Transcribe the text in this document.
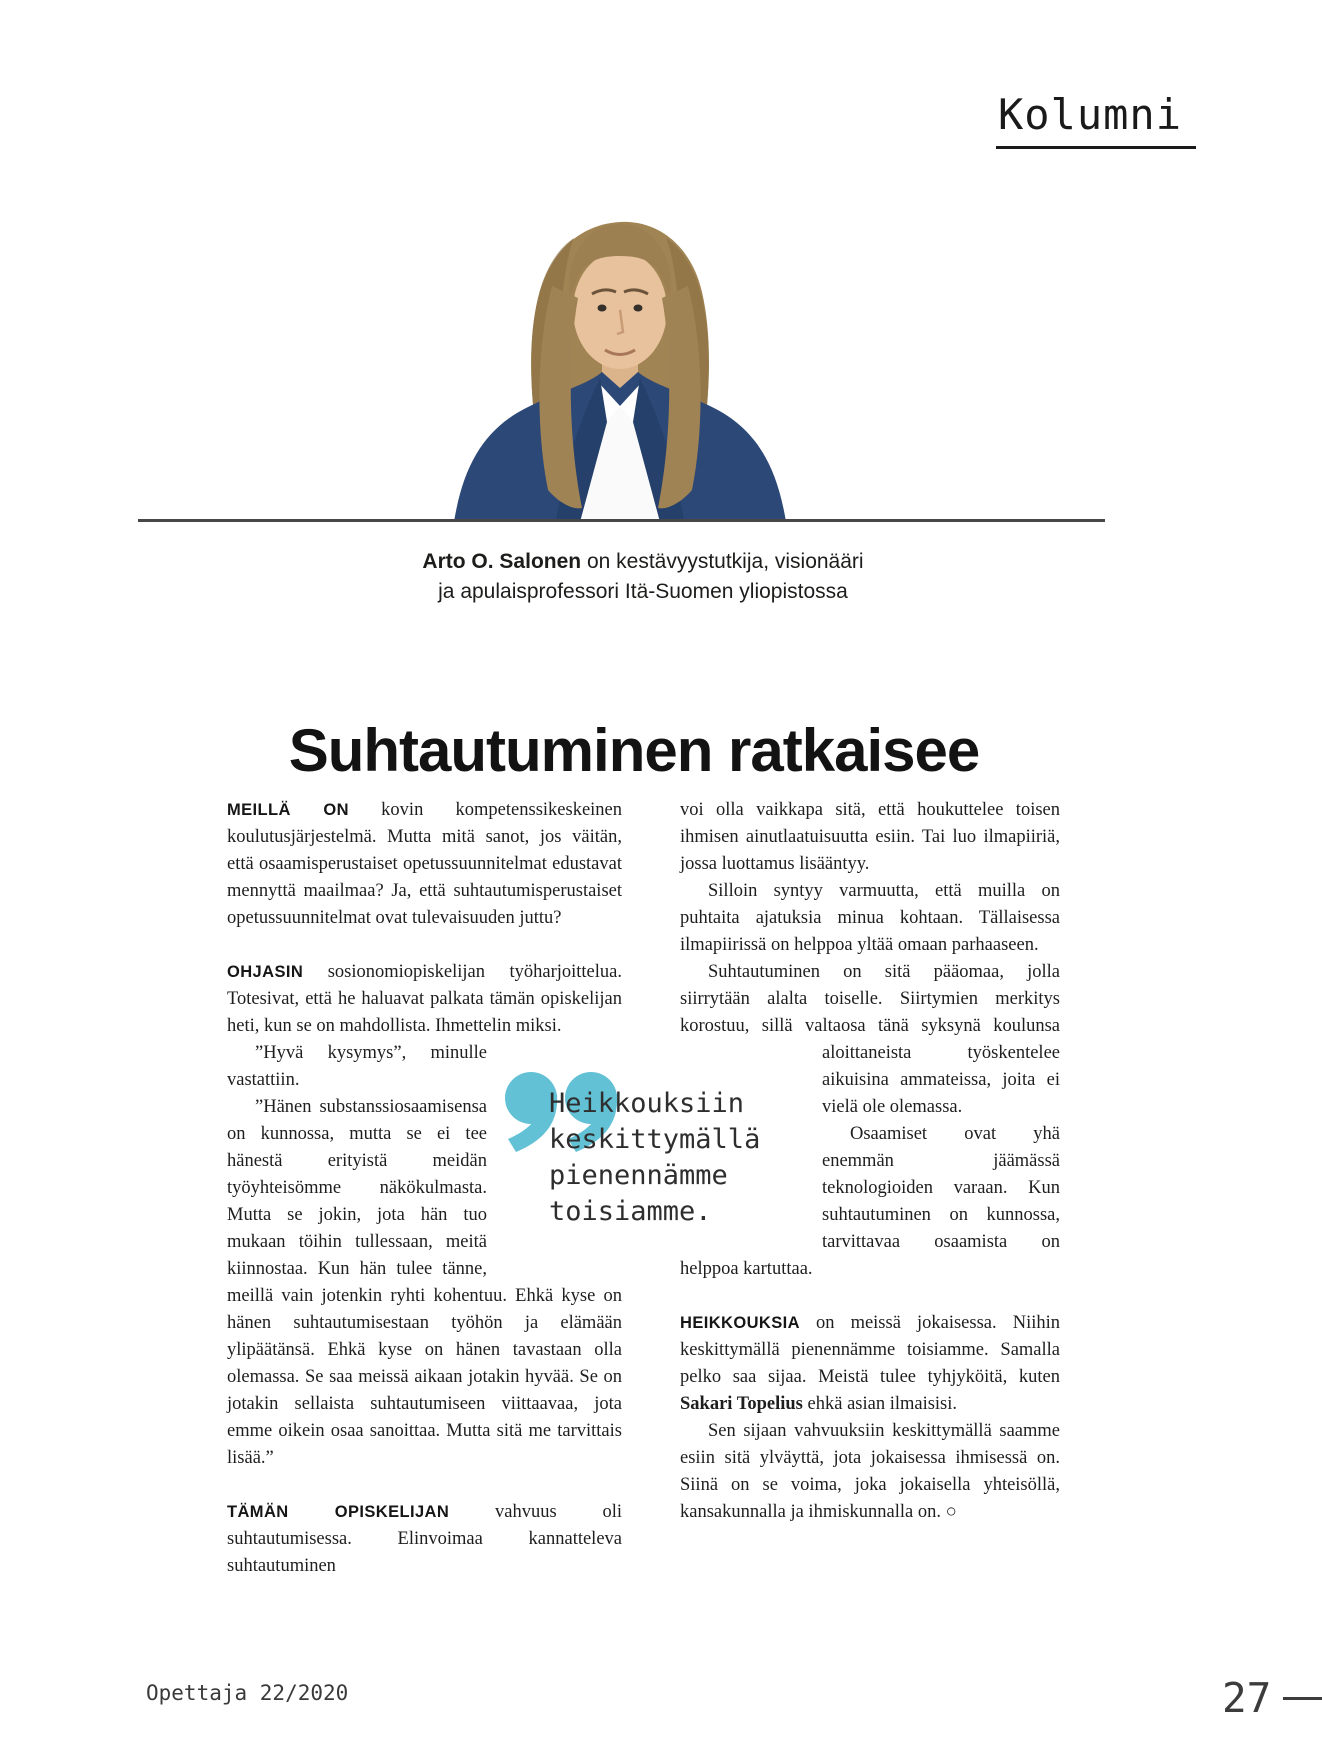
Kolumni
Arto O. Salonen on kestävyystutkija, visionääri
ja apulaisprofessori Itä-Suomen yliopistossa
Suhtautuminen ratkaisee

MEILLÄ ON kovin kompetenssikeskeinen koulutusjärjestelmä. Mutta mitä sanot, jos väitän, että osaamisperustaiset opetussuunnitelmat edustavat mennyttä maailmaa? Ja, että suhtautumisperustaiset opetussuunnitelmat ovat tulevaisuuden juttu?

OHJASIN sosionomiopiskelijan työharjoittelua. Totesivat, että he haluavat palkata tämän opiskelijan heti, kun se on mahdollista. Ihmettelin miksi.

”Hyvä kysymys”, minulle vastattiin.

”Hänen substanssiosaamisensa on kunnossa, mutta se ei tee hänestä erityistä meidän työyhteisömme näkökulmasta. Mutta se jokin, jota hän tuo mukaan töihin tullessaan, meitä kiinnostaa. Kun hän tulee tänne, meillä vain jotenkin ryhti kohentuu. Ehkä kyse on hänen suhtautumisestaan työhön ja elämään ylipäätänsä. Ehkä kyse on hänen tavastaan olla olemassa. Se saa meissä aikaan jotakin hyvää. Se on jotakin sellaista suhtautumiseen viittaavaa, jota emme oikein osaa sanoittaa. Mutta sitä me tarvittais lisää.”

TÄMÄN OPISKELIJAN vahvuus oli suhtautumisessa. Elinvoimaa kannatteleva suhtautuminen

voi olla vaikkapa sitä, että houkuttelee toisen ihmisen ainutlaatuisuutta esiin. Tai luo ilmapiiriä, jossa luottamus lisääntyy.

Silloin syntyy varmuutta, että muilla on puhtaita ajatuksia minua kohtaan. Tällaisessa ilmapiirissä on helppoa yltää omaan parhaaseen.

Suhtautuminen on sitä pääomaa, jolla siirrytään alalta toiselle. Siirtymien merkitys korostuu, sillä valtaosa tänä syksynä koulunsa aloittaneista työskentelee aikuisina ammateissa, joita ei vielä ole olemassa.

Osaamiset ovat yhä enemmän jäämässä teknologioiden varaan. Kun suhtautuminen on kunnossa, tarvittavaa osaamista on helppoa kartuttaa.

HEIKKOUKSIA on meissä jokaisessa. Niihin keskittymällä pienennämme toisiamme. Samalla pelko saa sijaa. Meistä tulee tyhjyköitä, kuten Sakari Topelius ehkä asian ilmaisisi.

Sen sijaan vahvuuksiin keskittymällä saamme esiin sitä ylväyttä, jota jokaisessa ihmisessä on. Siinä on se voima, joka jokaisella yhteisöllä, kansakunnalla ja ihmiskunnalla on. ○

Heikkouksiin keskittymällä pienennämme toisiamme.
Opettaja 22/2020	27
